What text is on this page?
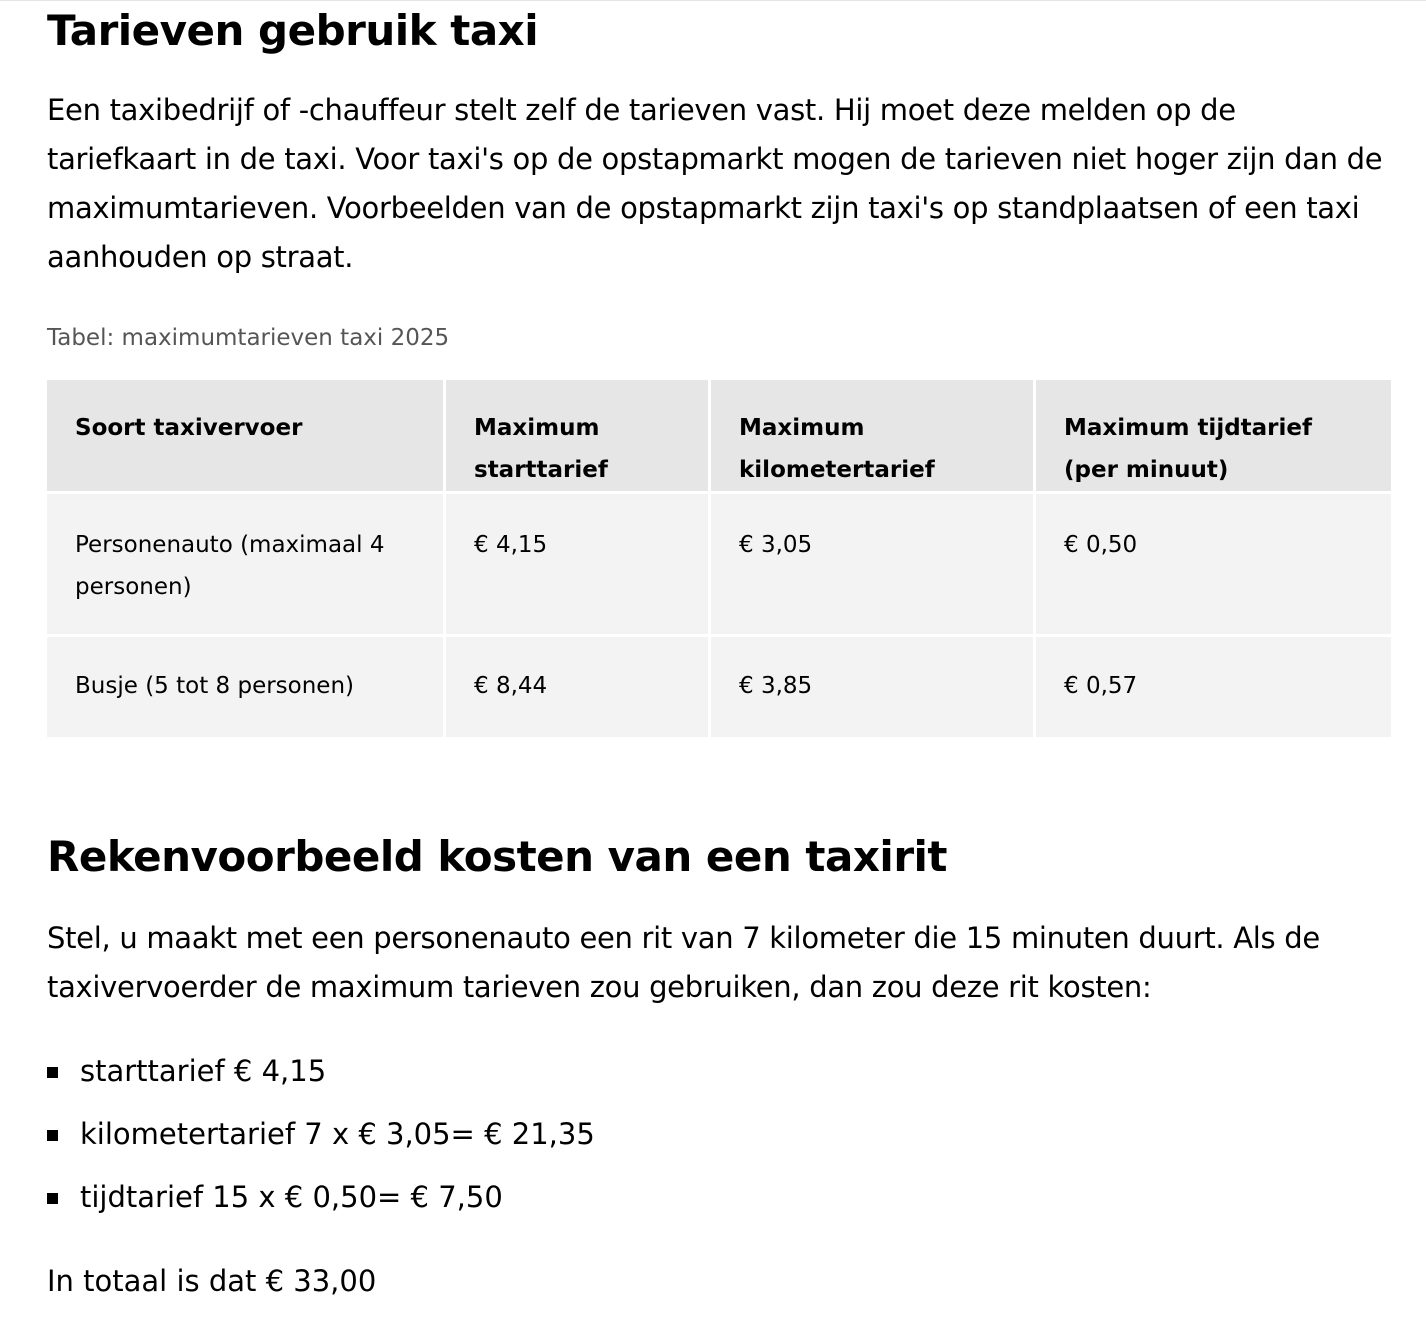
Tarieven gebruik taxi

Een taxibedrijf of -chauffeur stelt zelf de tarieven vast. Hij moet deze melden op de tariefkaart in de taxi. Voor taxi's op de opstapmarkt mogen de tarieven niet hoger zijn dan de maximumtarieven. Voorbeelden van de opstapmarkt zijn taxi's op standplaatsen of een taxi aanhouden op straat.

Tabel: maximumtarieven taxi 2025

Soort taxivervoer	Maximum starttarief	Maximum kilometertarief	Maximum tijdtarief (per minuut)
Personenauto (maximaal 4 personen)	€ 4,15	€ 3,05	€ 0,50
Busje (5 tot 8 personen)	€ 8,44	€ 3,85	€ 0,57
Rekenvoorbeeld kosten van een taxirit

Stel, u maakt met een personenauto een rit van 7 kilometer die 15 minuten duurt. Als de taxivervoerder de maximum tarieven zou gebruiken, dan zou deze rit kosten:

starttarief € 4,15
kilometertarief 7 x € 3,05= € 21,35
tijdtarief 15 x € 0,50= € 7,50

In totaal is dat € 33,00
